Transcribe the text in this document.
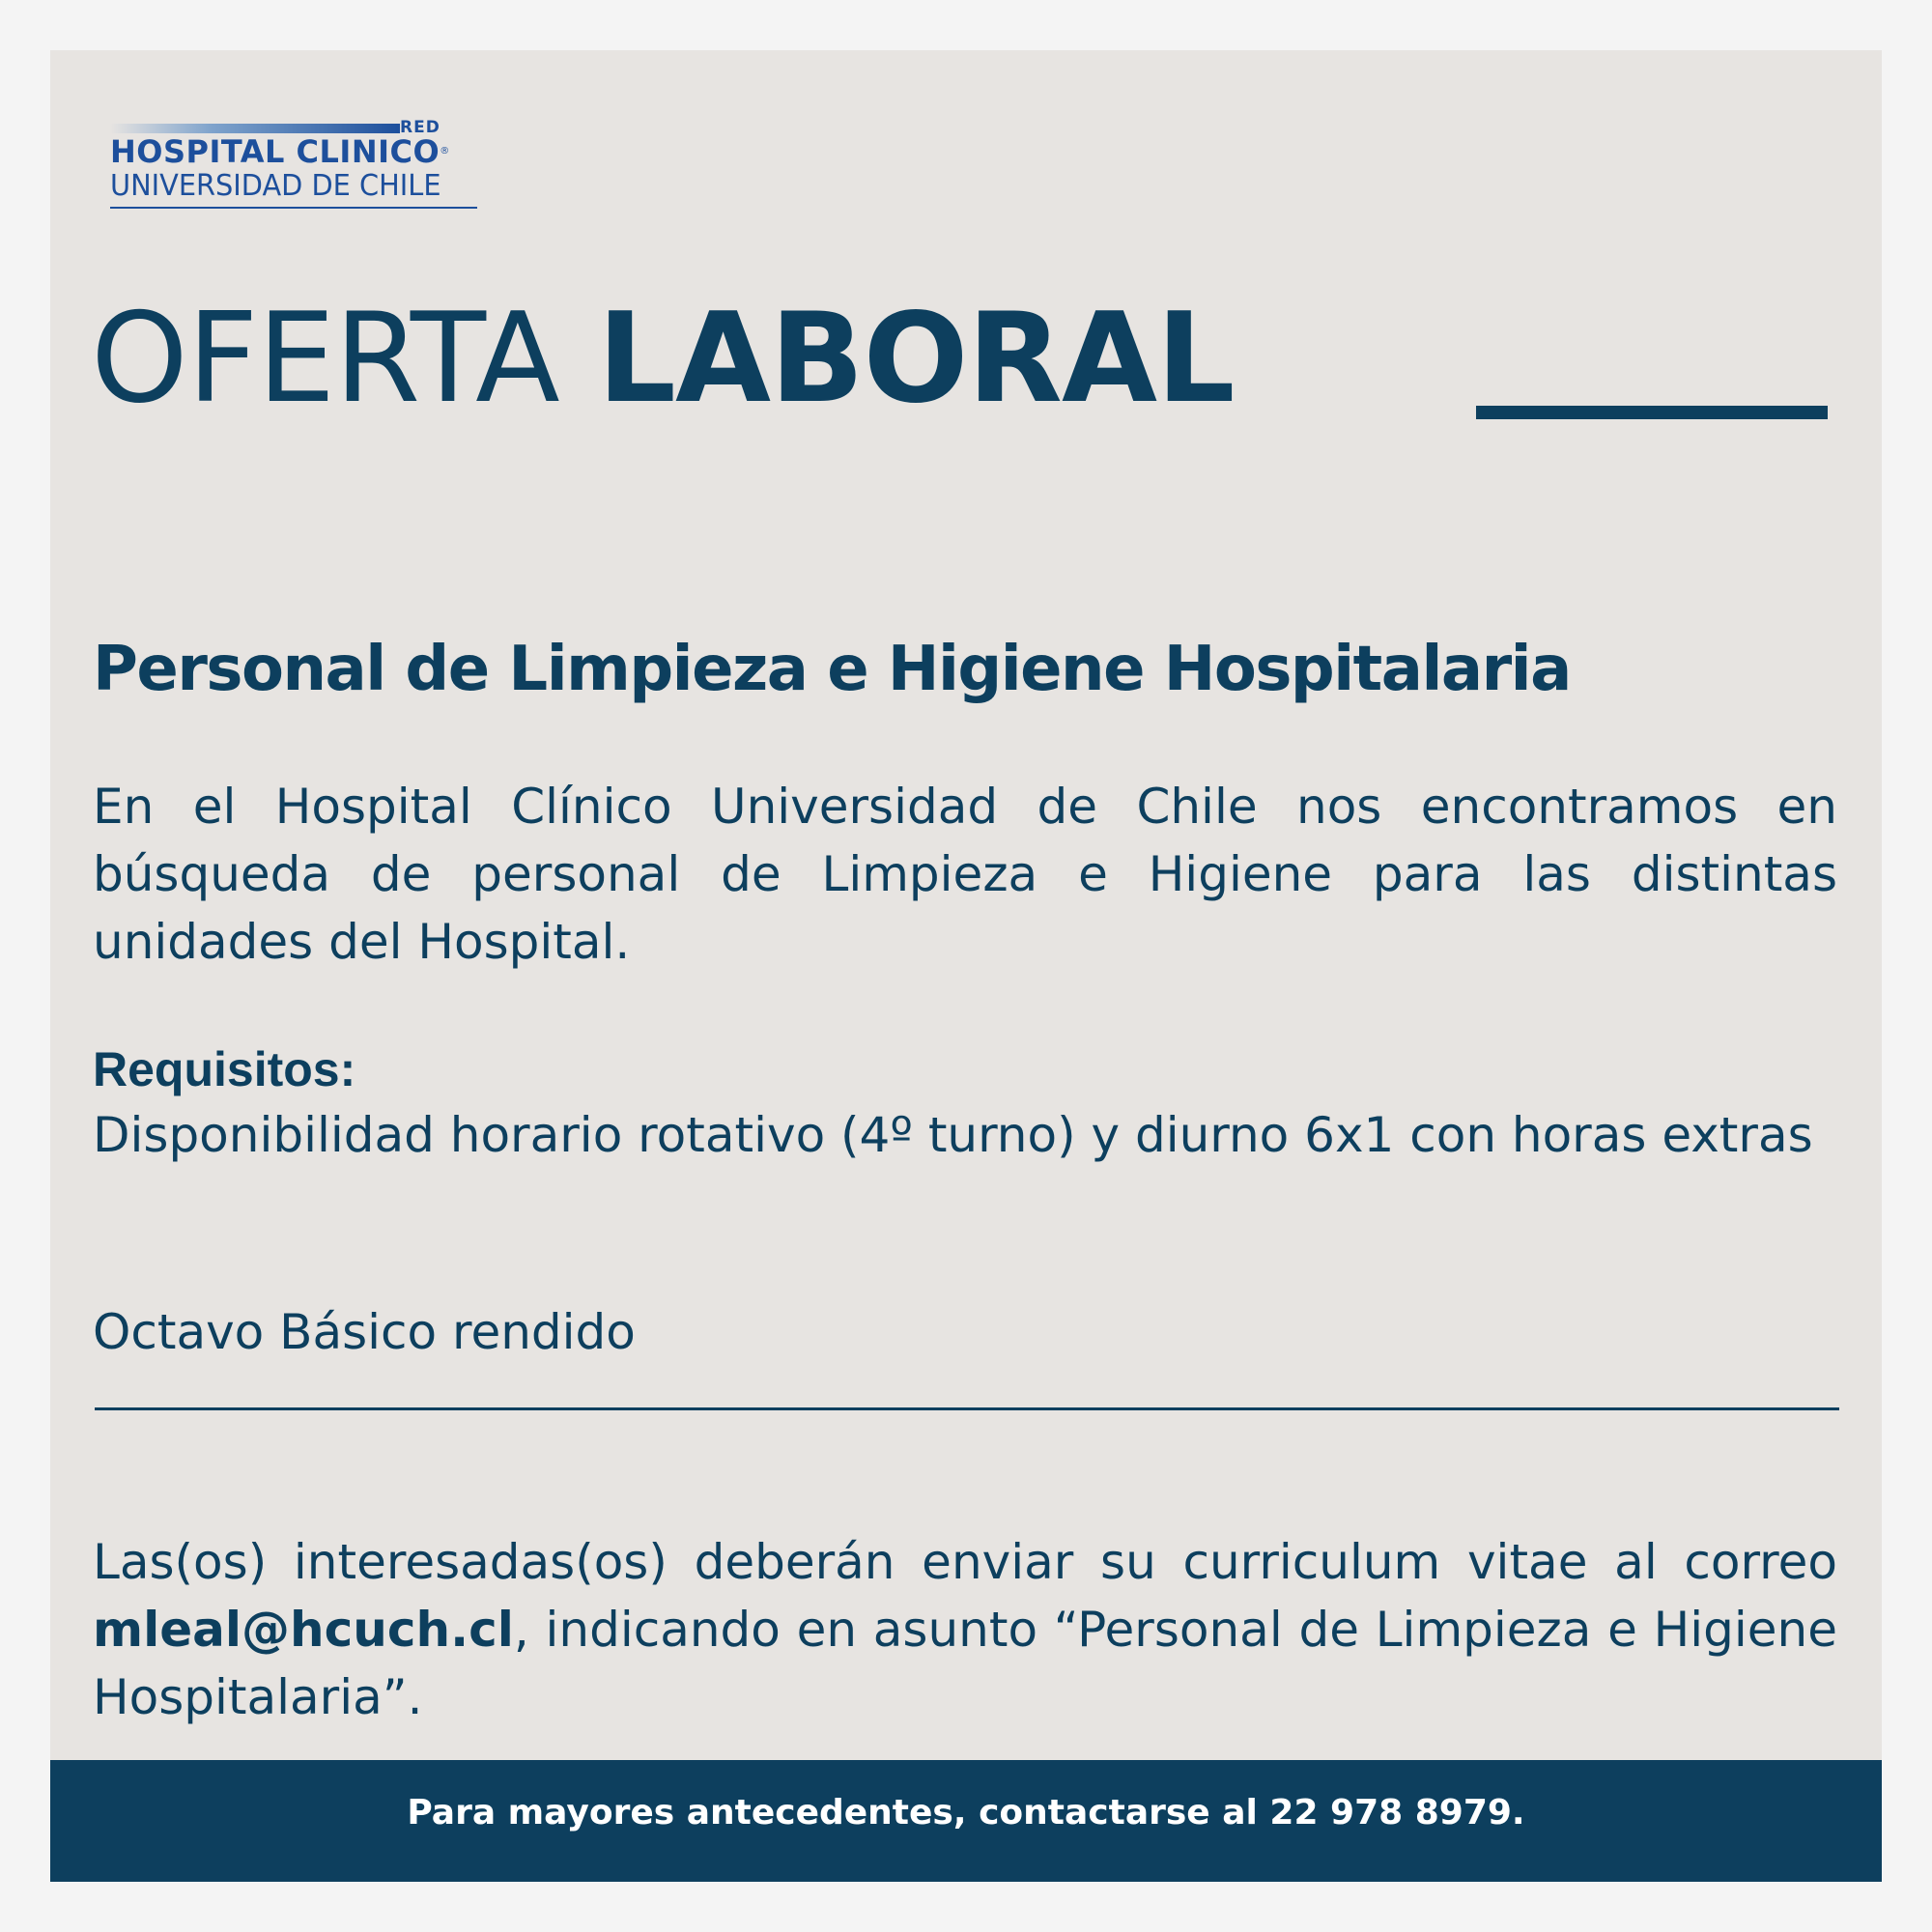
RED
HOSPITAL CLINICO®
UNIVERSIDAD DE CHILE
OFERTA LABORAL
Personal de Limpieza e Higiene Hospitalaria
En el Hospital Clínico Universidad de Chile nos encontramos en búsqueda de personal de Limpieza e Higiene para las distintas unidades del Hospital.
Requisitos:
Disponibilidad horario rotativo (4º turno) y diurno 6x1 con horas extras
Octavo Básico rendido
Las(os) interesadas(os) deberán enviar su curriculum vitae al correo mleal@hcuch.cl, indicando en asunto “Personal de Limpieza e Higiene Hospitalaria”.
Para mayores antecedentes, contactarse al 22 978 8979.
